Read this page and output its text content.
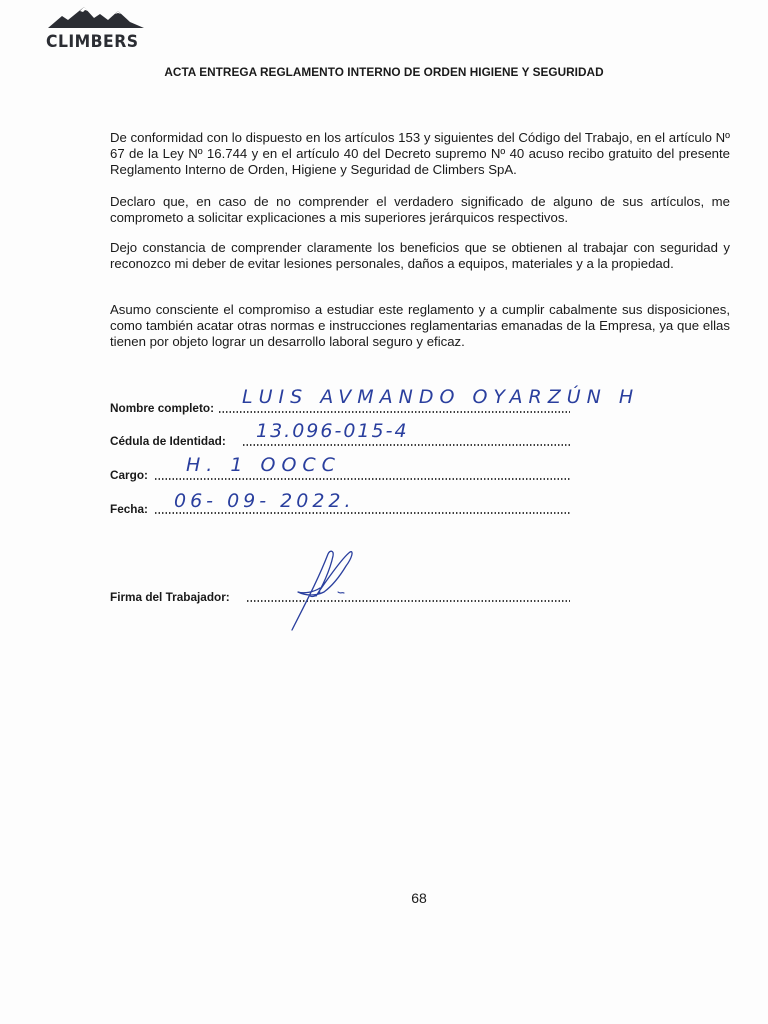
CLIMBERS
ACTA ENTREGA REGLAMENTO INTERNO DE ORDEN HIGIENE Y SEGURIDAD
De conformidad con lo dispuesto en los artículos 153 y siguientes del Código del Trabajo, en el artículo Nº 67 de la Ley Nº 16.744 y en el artículo 40 del Decreto supremo Nº 40 acuso recibo gratuito del presente Reglamento Interno de Orden, Higiene y Seguridad de Climbers SpA.
Declaro que, en caso de no comprender el verdadero significado de alguno de sus artículos, me comprometo a solicitar explicaciones a mis superiores jerárquicos respectivos.
Dejo constancia de comprender claramente los beneficios que se obtienen al trabajar con seguridad y reconozco mi deber de evitar lesiones personales, daños a equipos, materiales y a la propiedad.
Asumo consciente el compromiso a estudiar este reglamento y a cumplir cabalmente sus disposiciones, como también acatar otras normas e instrucciones reglamentarias emanadas de la Empresa, ya que ellas tienen por objeto lograr un desarrollo laboral seguro y eficaz.
Nombre completo: LUIS AVMANDO OYARZÚN H
Cédula de Identidad: 13.096-015-4
Cargo: H. 1 OOCC
Fecha: 06- 09- 2022.
Firma del Trabajador:
68
